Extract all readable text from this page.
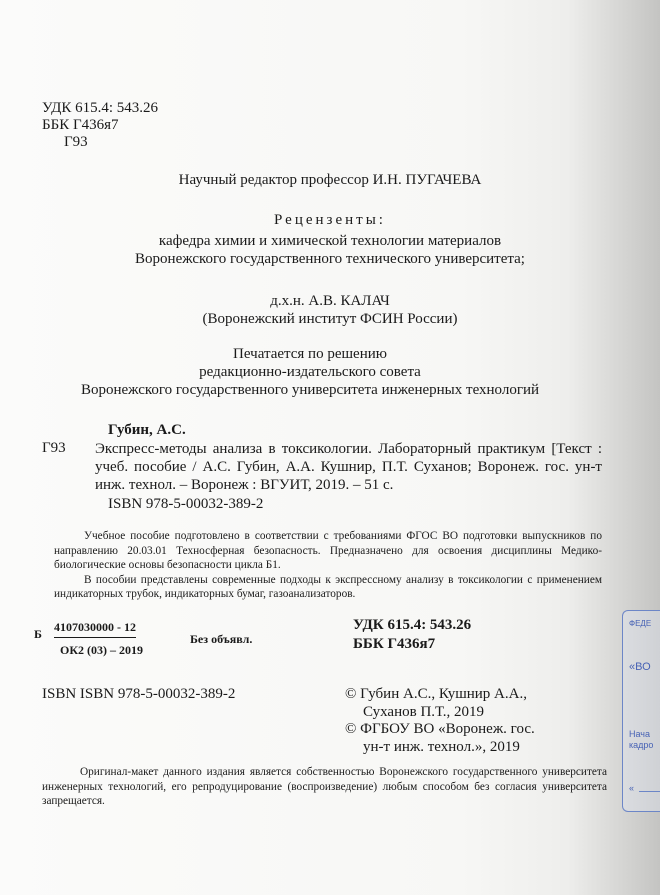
УДК 615.4: 543.26
ББК Г436я7
Г93
Научный редактор профессор И.Н. ПУГАЧЕВА
Рецензенты:
кафедра химии и химической технологии материалов
Воронежского государственного технического университета;
д.х.н. А.В. КАЛАЧ
(Воронежский институт ФСИН России)
Печатается по решению
редакционно-издательского совета
Воронежского государственного университета инженерных технологий
Губин, А.С.
Г93 Экспресс-методы анализа в токсикологии. Лабораторный практикум [Текст : учеб. пособие / А.С. Губин, А.А. Кушнир, П.Т. Суханов; Воронеж. гос. ун-т инж. технол. – Воронеж : ВГУИТ, 2019. – 51 с.
ISBN 978-5-00032-389-2

Учебное пособие подготовлено в соответствии с требованиями ФГОС ВО подготовки выпускников по направлению 20.03.01 Техносферная безопасность. Предназначено для освоения дисциплины Медико-биологические основы безопасности цикла Б1.

В пособии представлены современные подходы к экспрессному анализу в токсикологии с применением индикаторных трубок, индикаторных бумаг, газоанализаторов.

Б 4107030000 - 12
ОК2 (03) – 2019
Без объявл.
УДК 615.4: 543.26
ББК Г436я7
ISBN ISBN 978-5-00032-389-2	© Губин А.С., Кушнир А.А.,
Суханов П.Т., 2019
© ФГБОУ ВО «Воронеж. гос.
ун-т инж. технол.», 2019

Оригинал-макет данного издания является собственностью Воронежского государственного университета инженерных технологий, его репродуцирование (воспроизведение) любым способом без согласия университета запрещается.

ФЕДЕ
«ВО
Нача
кадро
«
